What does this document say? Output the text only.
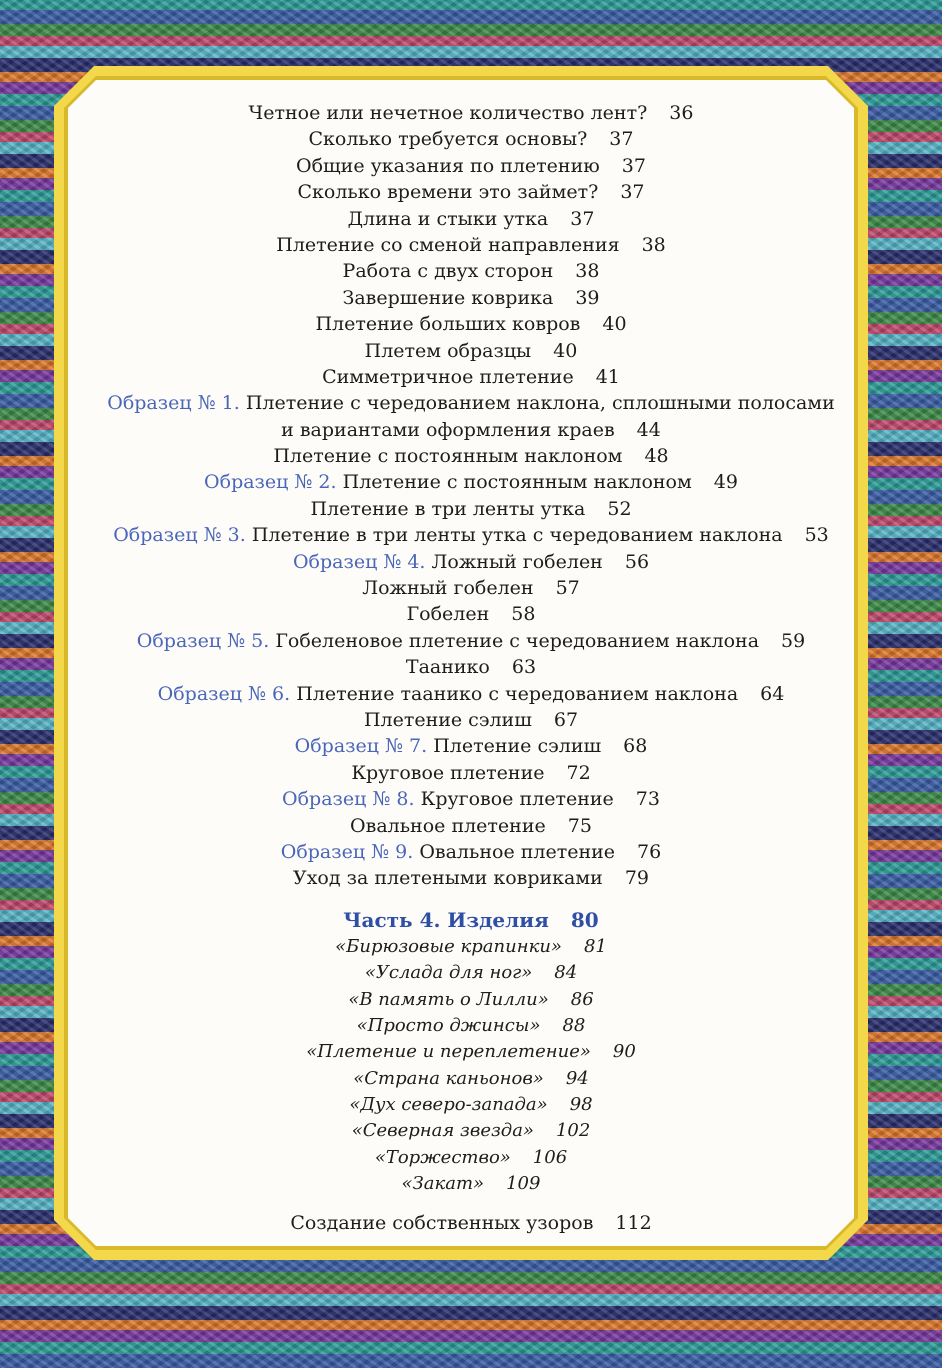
Четное или нечетное количество лент? 36
Сколько требуется основы? 37
Общие указания по плетению 37
Сколько времени это займет? 37
Длина и стыки утка 37
Плетение со сменой направления 38
Работа с двух сторон 38
Завершение коврика 39
Плетение больших ковров 40
Плетем образцы 40
Симметричное плетение 41
Образец № 1. Плетение с чередованием наклона, сплошными полосами
и вариантами оформления краев 44
Плетение с постоянным наклоном 48
Образец № 2. Плетение с постоянным наклоном 49
Плетение в три ленты утка 52
Образец № 3. Плетение в три ленты утка с чередованием наклона 53
Образец № 4. Ложный гобелен 56
Ложный гобелен 57
Гобелен 58
Образец № 5. Гобеленовое плетение с чередованием наклона 59
Таанико 63
Образец № 6. Плетение таанико с чередованием наклона 64
Плетение сэлиш 67
Образец № 7. Плетение сэлиш 68
Круговое плетение 72
Образец № 8. Круговое плетение 73
Овальное плетение 75
Образец № 9. Овальное плетение 76
Уход за плетеными ковриками 79
Часть 4. Изделия 80
«Бирюзовые крапинки» 81
«Услада для ног» 84
«В память о Лилли» 86
«Просто джинсы» 88
«Плетение и переплетение» 90
«Страна каньонов» 94
«Дух северо-запада» 98
«Северная звезда» 102
«Торжество» 106
«Закат» 109
Создание собственных узоров 112
